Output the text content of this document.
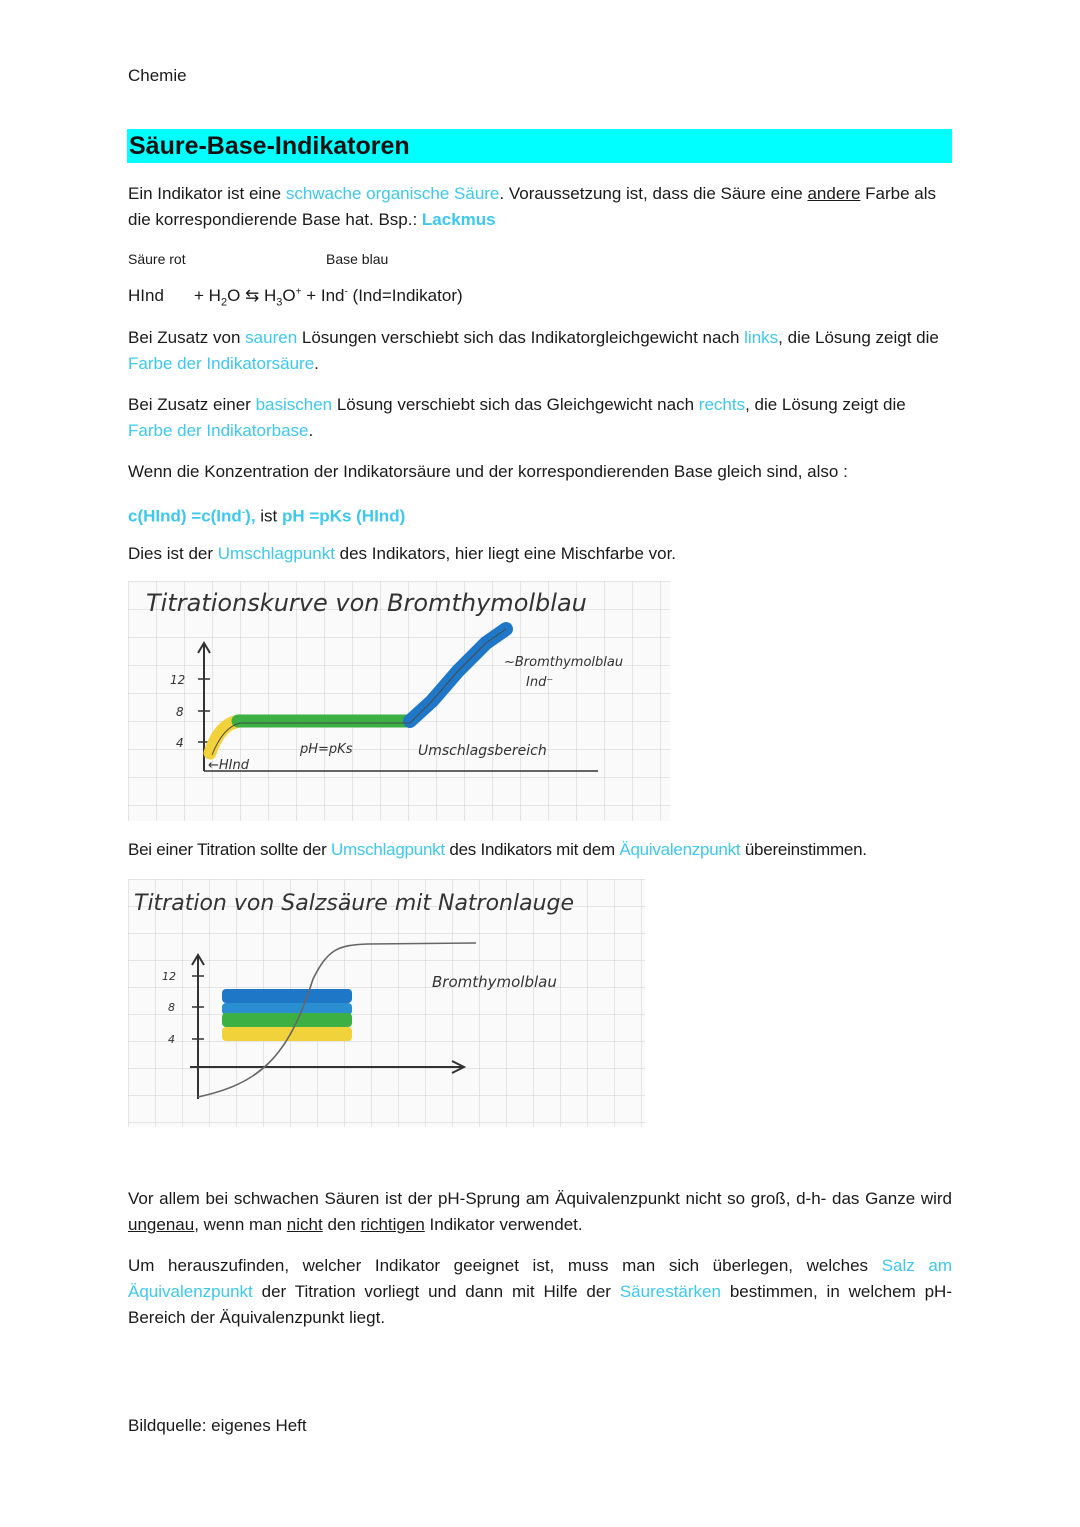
Chemie
Säure-Base-Indikatoren

Ein Indikator ist eine schwache organische Säure. Voraussetzung ist, dass die Säure eine andere Farbe als die korrespondierende Base hat. Bsp.: Lackmus

Säure rot	Base blau
HInd + $H_2O$ ⇆ $H_3O^+ + Ind^-$ (Ind=Indikator)

Bei Zusatz von sauren Lösungen verschiebt sich das Indikatorgleichgewicht nach links, die Lösung zeigt die Farbe der Indikatorsäure.

Bei Zusatz einer basischen Lösung verschiebt sich das Gleichgewicht nach rechts, die Lösung zeigt die Farbe der Indikatorbase.

Wenn die Konzentration der Indikatorsäure und der korrespondierenden Base gleich sind, also :

c(HInd) =c(Ind-), ist pH =pKs (HInd)

Dies ist der Umschlagpunkt des Indikators, hier liegt eine Mischfarbe vor.

Titrationskurve von Bromthymolblau
12
8
4
←HInd
pH=pKs	Umschlagsbereich
~Bromthymolblau
Ind⁻

Bei einer Titration sollte der Umschlagpunkt des Indikators mit dem Äquivalenzpunkt übereinstimmen.

Titration von Salzsäure mit Natronlauge
12
8
4
Bromthymolblau

Vor allem bei schwachen Säuren ist der pH-Sprung am Äquivalenzpunkt nicht so groß, d-h- das Ganze wird ungenau, wenn man nicht den richtigen Indikator verwendet.

Um herauszufinden, welcher Indikator geeignet ist, muss man sich überlegen, welches Salz am Äquivalenzpunkt der Titration vorliegt und dann mit Hilfe der Säurestärken bestimmen, in welchem pH-Bereich der Äquivalenzpunkt liegt.

Bildquelle: eigenes Heft
